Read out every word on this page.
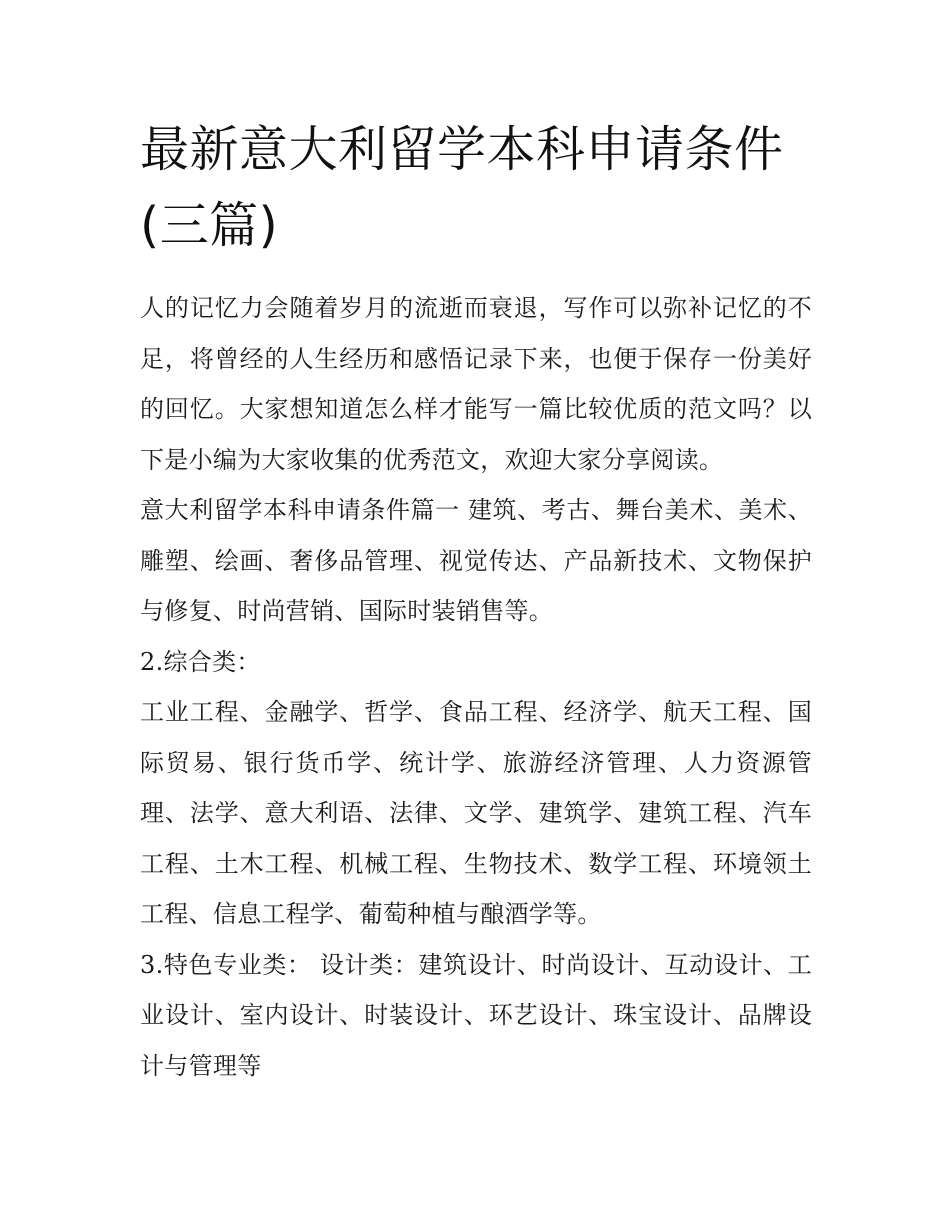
最新意大利留学本科申请条件
(三篇)

人的记忆力会随着岁月的流逝而衰退，写作可以弥补记忆的不足，将曾经的人生经历和感悟记录下来，也便于保存一份美好的回忆。大家想知道怎么样才能写一篇比较优质的范文吗？以下是小编为大家收集的优秀范文，欢迎大家分享阅读。

意大利留学本科申请条件篇一 建筑、考古、舞台美术、美术、雕塑、绘画、奢侈品管理、视觉传达、产品新技术、文物保护与修复、时尚营销、国际时装销售等。

2.综合类：

工业工程、金融学、哲学、食品工程、经济学、航天工程、国际贸易、银行货币学、统计学、旅游经济管理、人力资源管理、法学、意大利语、法律、文学、建筑学、建筑工程、汽车工程、土木工程、机械工程、生物技术、数学工程、环境领土工程、信息工程学、葡萄种植与酿酒学等。

3.特色专业类： 设计类：建筑设计、时尚设计、互动设计、工业设计、室内设计、时装设计、环艺设计、珠宝设计、品牌设计与管理等
